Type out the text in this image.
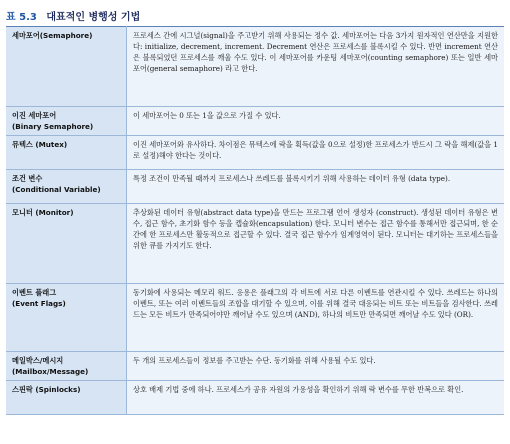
표 5.3 대표적인 병행성 기법
세마포어(Semaphore)	프로세스 간에 시그널(signal)을 주고받기 위해 사용되는 정수 값. 세마포어는 다음 3가지 원자적인 연산만을 지원한다: initialize, decrement, increment. Decrement 연산은 프로세스를 블록시킬 수 있다. 반면 increment 연산은 블록되었던 프로세스를 깨울 수도 있다. 이 세마포어를 카운팅 세마포어(counting semaphore) 또는 일반 세마포어(general semaphore) 라고 한다.

이진 세마포어
(Binary Semaphore)	이 세마포어는 0 또는 1을 값으로 가질 수 있다.

뮤텍스 (Mutex)	이진 세마포어와 유사하다. 차이점은 뮤텍스에 락을 획득(값을 0으로 설정)한 프로세스가 반드시 그 락을 해제(값을 1로 설정)해야 한다는 것이다.

조건 변수
(Conditional Variable)	특정 조건이 만족될 때까지 프로세스나 쓰레드를 블록시키기 위해 사용하는 데이터 유형 (data type).

모니터 (Monitor)	추상화된 데이터 유형(abstract data type)을 만드는 프로그램 언어 생성자 (construct). 생성된 데이터 유형은 변수, 접근 함수, 초기화 함수 등을 캡슐화(encapsulation) 한다. 모니터 변수는 접근 함수를 통해서만 접근되며, 한 순간에 한 프로세스만 활동적으로 접근할 수 있다. 결국 접근 함수가 임계영역이 된다. 모니터는 대기하는 프로세스들을 위한 큐를 가지기도 한다.

이벤트 플래그
(Event Flags)	동기화에 사용되는 메모리 워드. 응용은 플래그의 각 비트에 서로 다른 이벤트를 연관시킬 수 있다. 쓰레드는 하나의 이벤트, 또는 여러 이벤트들의 조합을 대기할 수 있으며, 이를 위해 결국 대응되는 비트 또는 비트들을 검사한다. 쓰레드는 모든 비트가 만족되어야만 깨어날 수도 있으며 (AND), 하나의 비트만 만족되면 깨어날 수도 있다 (OR).

메일박스/메시지
(Mailbox/Message)	두 개의 프로세스들이 정보를 주고받는 수단. 동기화를 위해 사용될 수도 있다.

스핀락 (Spinlocks)	상호 배제 기법 중에 하나. 프로세스가 공유 자원의 가용성을 확인하기 위해 락 변수를 무한 반복으로 확인.
